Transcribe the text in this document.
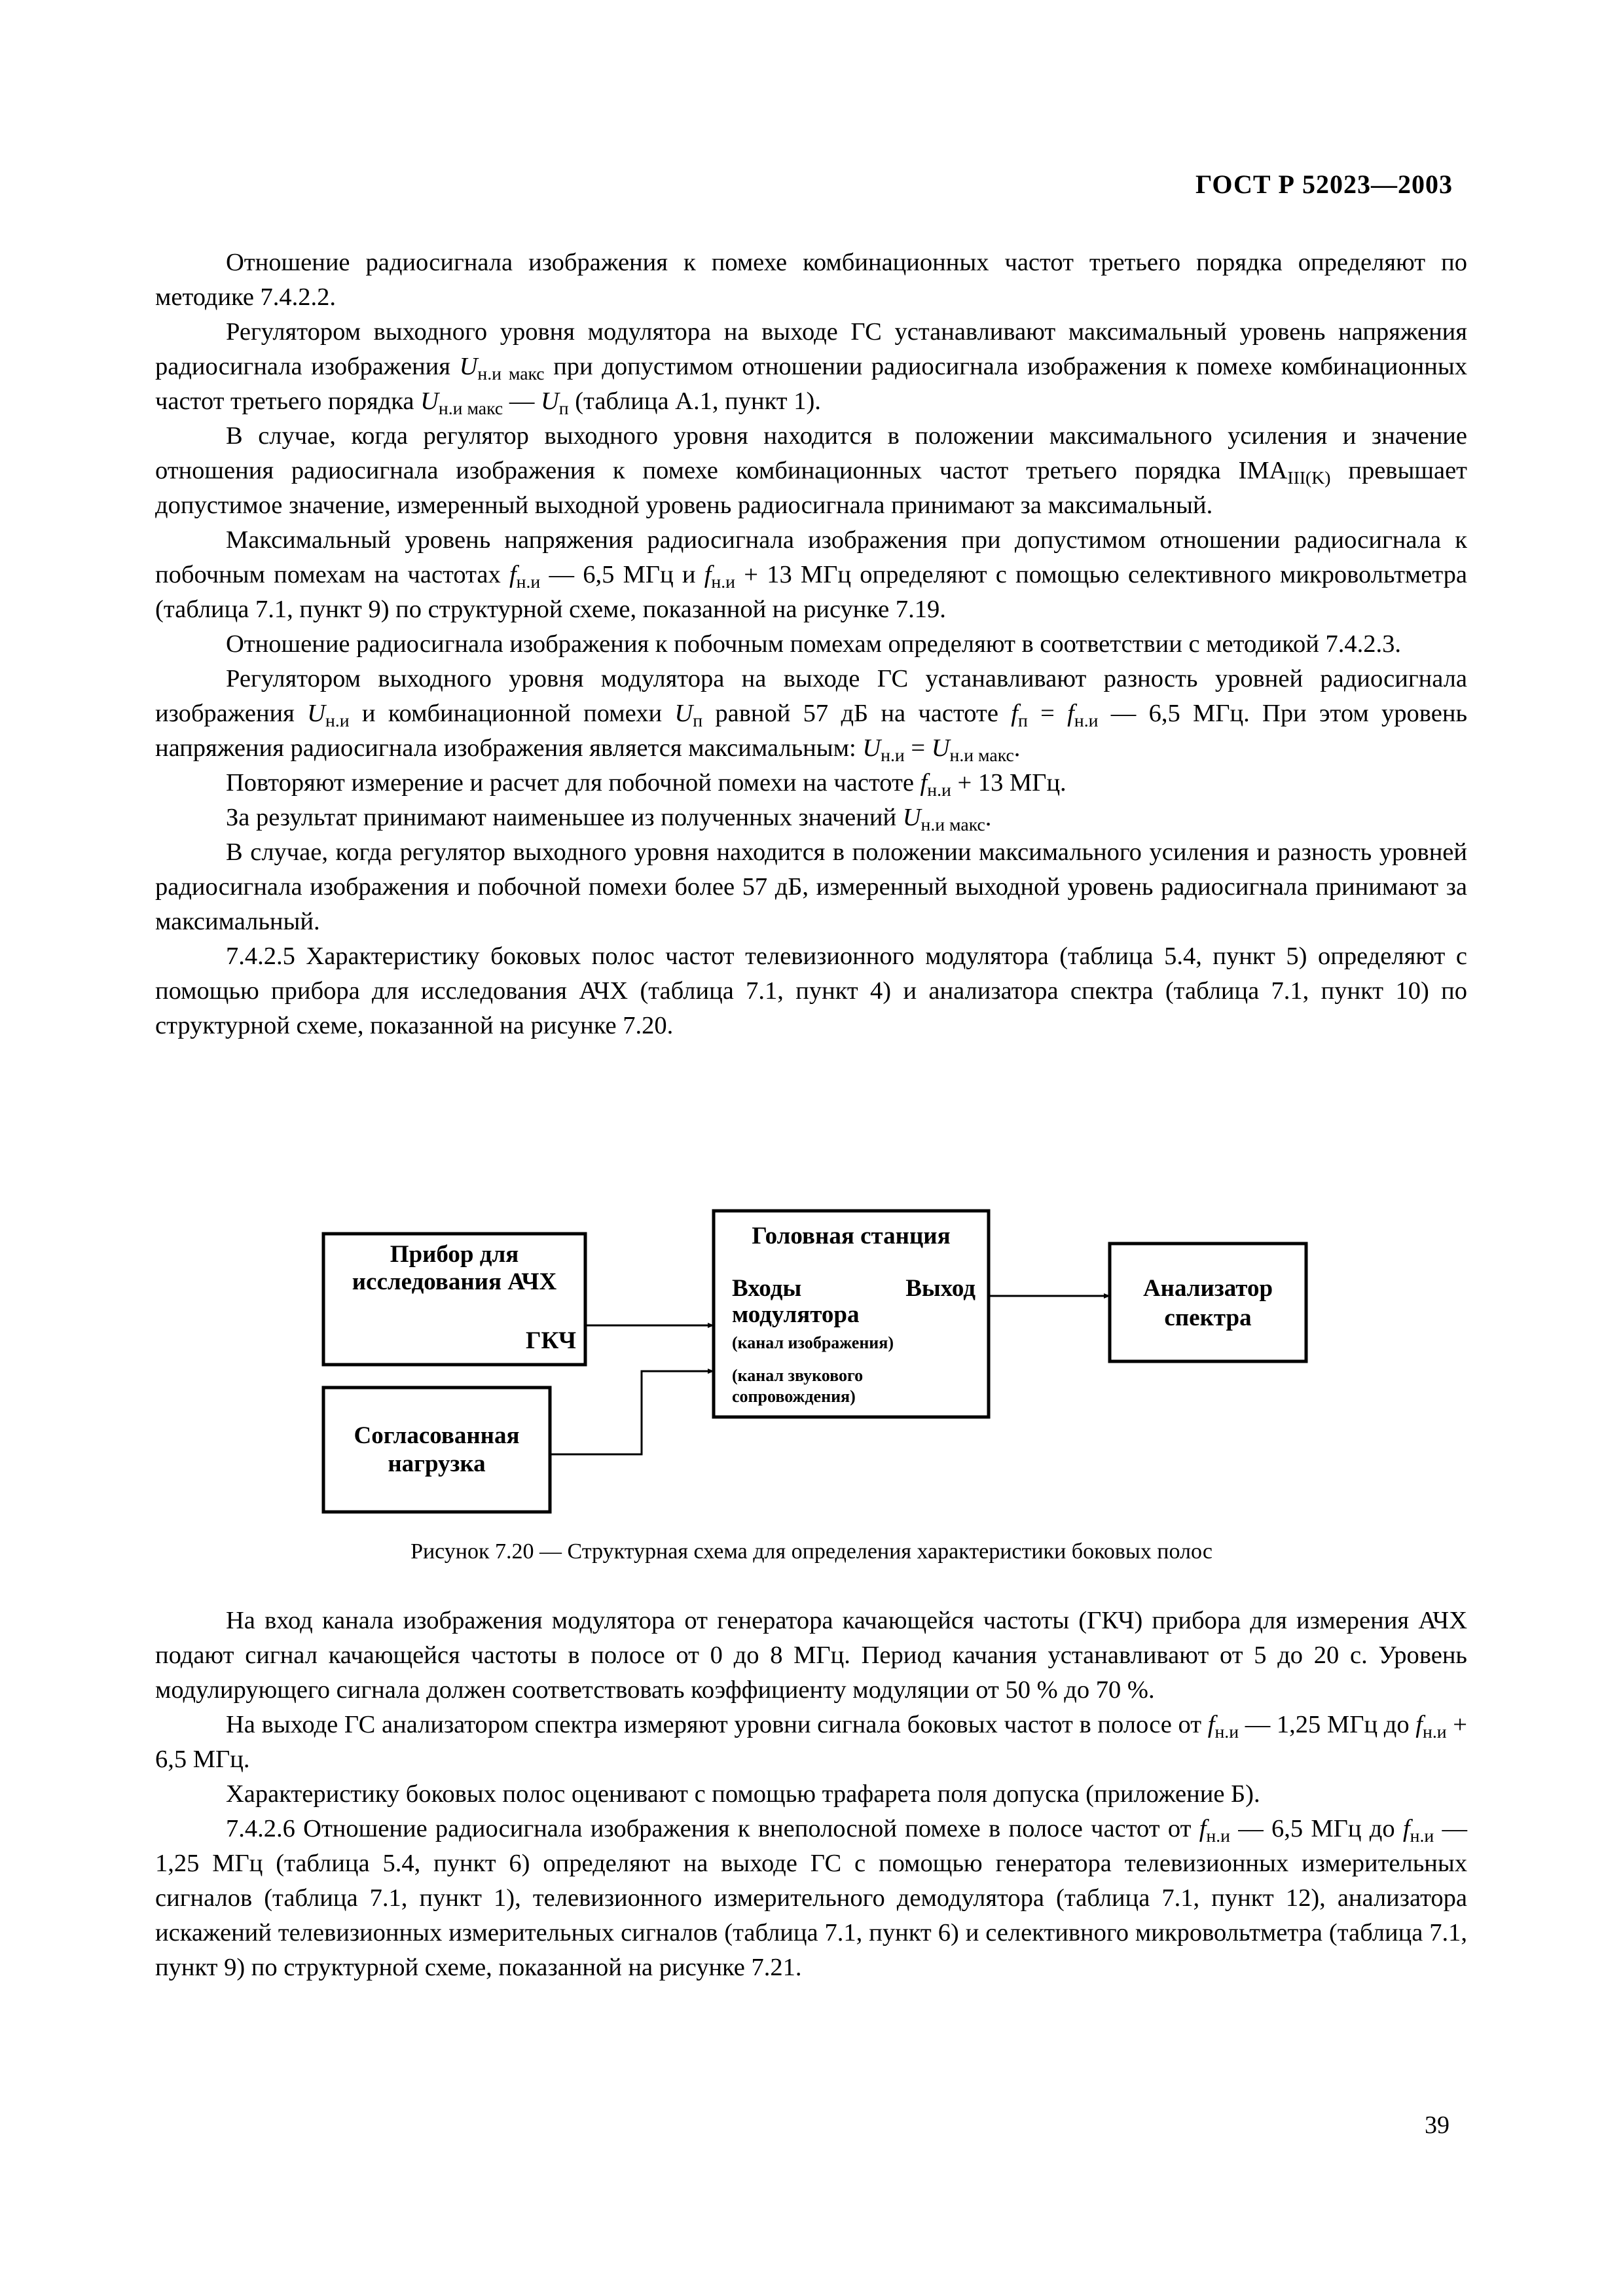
ГОСТ Р 52023—2003

Отношение радиосигнала изображения к помехе комбинационных частот третьего порядка определяют по методике 7.4.2.2.

Регулятором выходного уровня модулятора на выходе ГС устанавливают максимальный уровень напряжения радиосигнала изображения $U_{н.и макс}$ при допустимом отношении радиосигнала изображения к помехе комбинационных частот третьего порядка $U_{н.и макс}$ — $U_п$ (таблица А.1, пункт 1).

В случае, когда регулятор выходного уровня находится в положении максимального усиления и значение отношения радиосигнала изображения к помехе комбинационных частот третьего порядка $IMA_{III(K)}$ превышает допустимое значение, измеренный выходной уровень радиосигнала принимают за максимальный.

Максимальный уровень напряжения радиосигнала изображения при допустимом отношении радиосигнала к побочным помехам на частотах $f_{н.и}$ — 6,5 МГц и $f_{н.и} + 13$ МГц определяют с помощью селективного микровольтметра (таблица 7.1, пункт 9) по структурной схеме, показанной на рисунке 7.19.

Отношение радиосигнала изображения к побочным помехам определяют в соответствии с методикой 7.4.2.3.

Регулятором выходного уровня модулятора на выходе ГС устанавливают разность уровней радиосигнала изображения $U_{н.и}$ и комбинационной помехи $U_п$ равной 57 дБ на частоте $f_п = f_{н.и}$ — 6,5 МГц. При этом уровень напряжения радиосигнала изображения является максимальным: $U_{н.и} = U_{н.и макс}$.

Повторяют измерение и расчет для побочной помехи на частоте $f_{н.и} + 13$ МГц.

За результат принимают наименьшее из полученных значений $U_{н.и макс}$.

В случае, когда регулятор выходного уровня находится в положении максимального усиления и разность уровней радиосигнала изображения и побочной помехи более 57 дБ, измеренный выходной уровень радиосигнала принимают за максимальный.

7.4.2.5 Характеристику боковых полос частот телевизионного модулятора (таблица 5.4, пункт 5) определяют с помощью прибора для исследования АЧХ (таблица 7.1, пункт 4) и анализатора спектра (таблица 7.1, пункт 10) по структурной схеме, показанной на рисунке 7.20.

Прибор для
исследования АЧХ
ГКЧ
Согласованная
нагрузка
Головная станция
Входы	Выход
модулятора
(канал изображения)
(канал звукового
сопровождения)
Анализатор
спектра
Рисунок 7.20 — Структурная схема для определения характеристики боковых полос

На вход канала изображения модулятора от генератора качающейся частоты (ГКЧ) прибора для измерения АЧХ подают сигнал качающейся частоты в полосе от 0 до 8 МГц. Период качания устанавливают от 5 до 20 с. Уровень модулирующего сигнала должен соответствовать коэффициенту модуляции от 50 % до 70 %.

На выходе ГС анализатором спектра измеряют уровни сигнала боковых частот в полосе от $f_{н.и}$ — 1,25 МГц до $f_{н.и} + 6,5$ МГц.

Характеристику боковых полос оценивают с помощью трафарета поля допуска (приложение Б).

7.4.2.6 Отношение радиосигнала изображения к внеполосной помехе в полосе частот от $f_{н.и}$ — 6,5 МГц до $f_{н.и}$ — 1,25 МГц (таблица 5.4, пункт 6) определяют на выходе ГС с помощью генератора телевизионных измерительных сигналов (таблица 7.1, пункт 1), телевизионного измерительного демодулятора (таблица 7.1, пункт 12), анализатора искажений телевизионных измерительных сигналов (таблица 7.1, пункт 6) и селективного микровольтметра (таблица 7.1, пункт 9) по структурной схеме, показанной на рисунке 7.21.

39
